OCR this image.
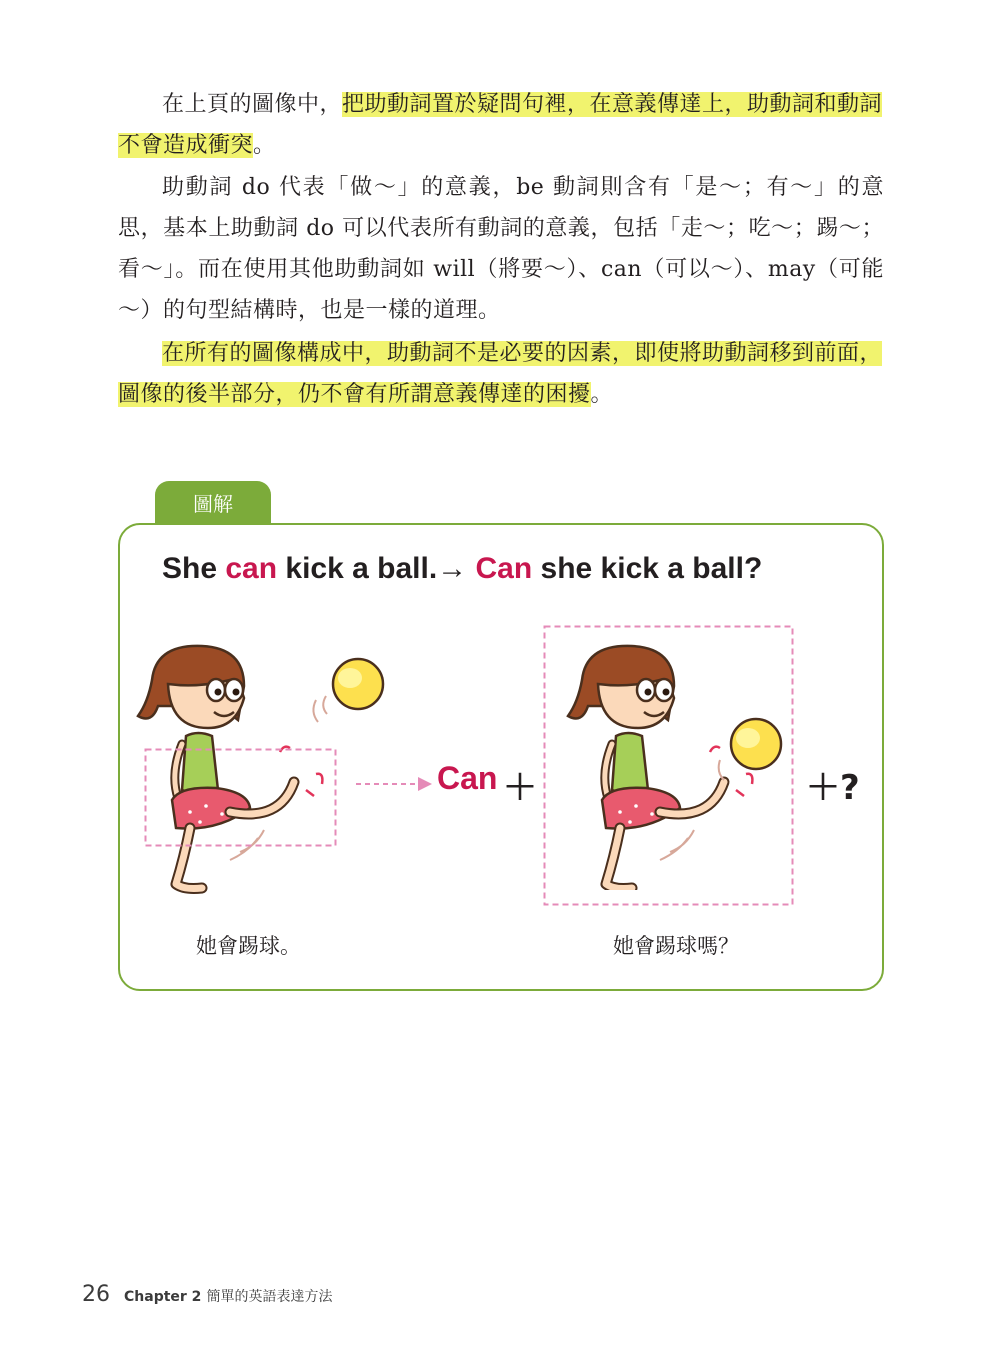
在上頁的圖像中，把助動詞置於疑問句裡，在意義傳達上，助動詞和動詞不會造成衝突。
助動詞 do 代表「做～」的意義，be 動詞則含有「是～；有～」的意思，基本上助動詞 do 可以代表所有動詞的意義，包括「走～；吃～；踢～；看～」。而在使用其他助動詞如 will（將要～）、can（可以～）、may（可能～）的句型結構時，也是一樣的道理。
在所有的圖像構成中，助動詞不是必要的因素，即使將助動詞移到前面，圖像的後半部分，仍不會有所謂意義傳達的困擾。
圖解
She can kick a ball.→ Can she kick a ball?
Can ＋	＋?
她會踢球。	她會踢球嗎？
26 Chapter 2 簡單的英語表達方法
